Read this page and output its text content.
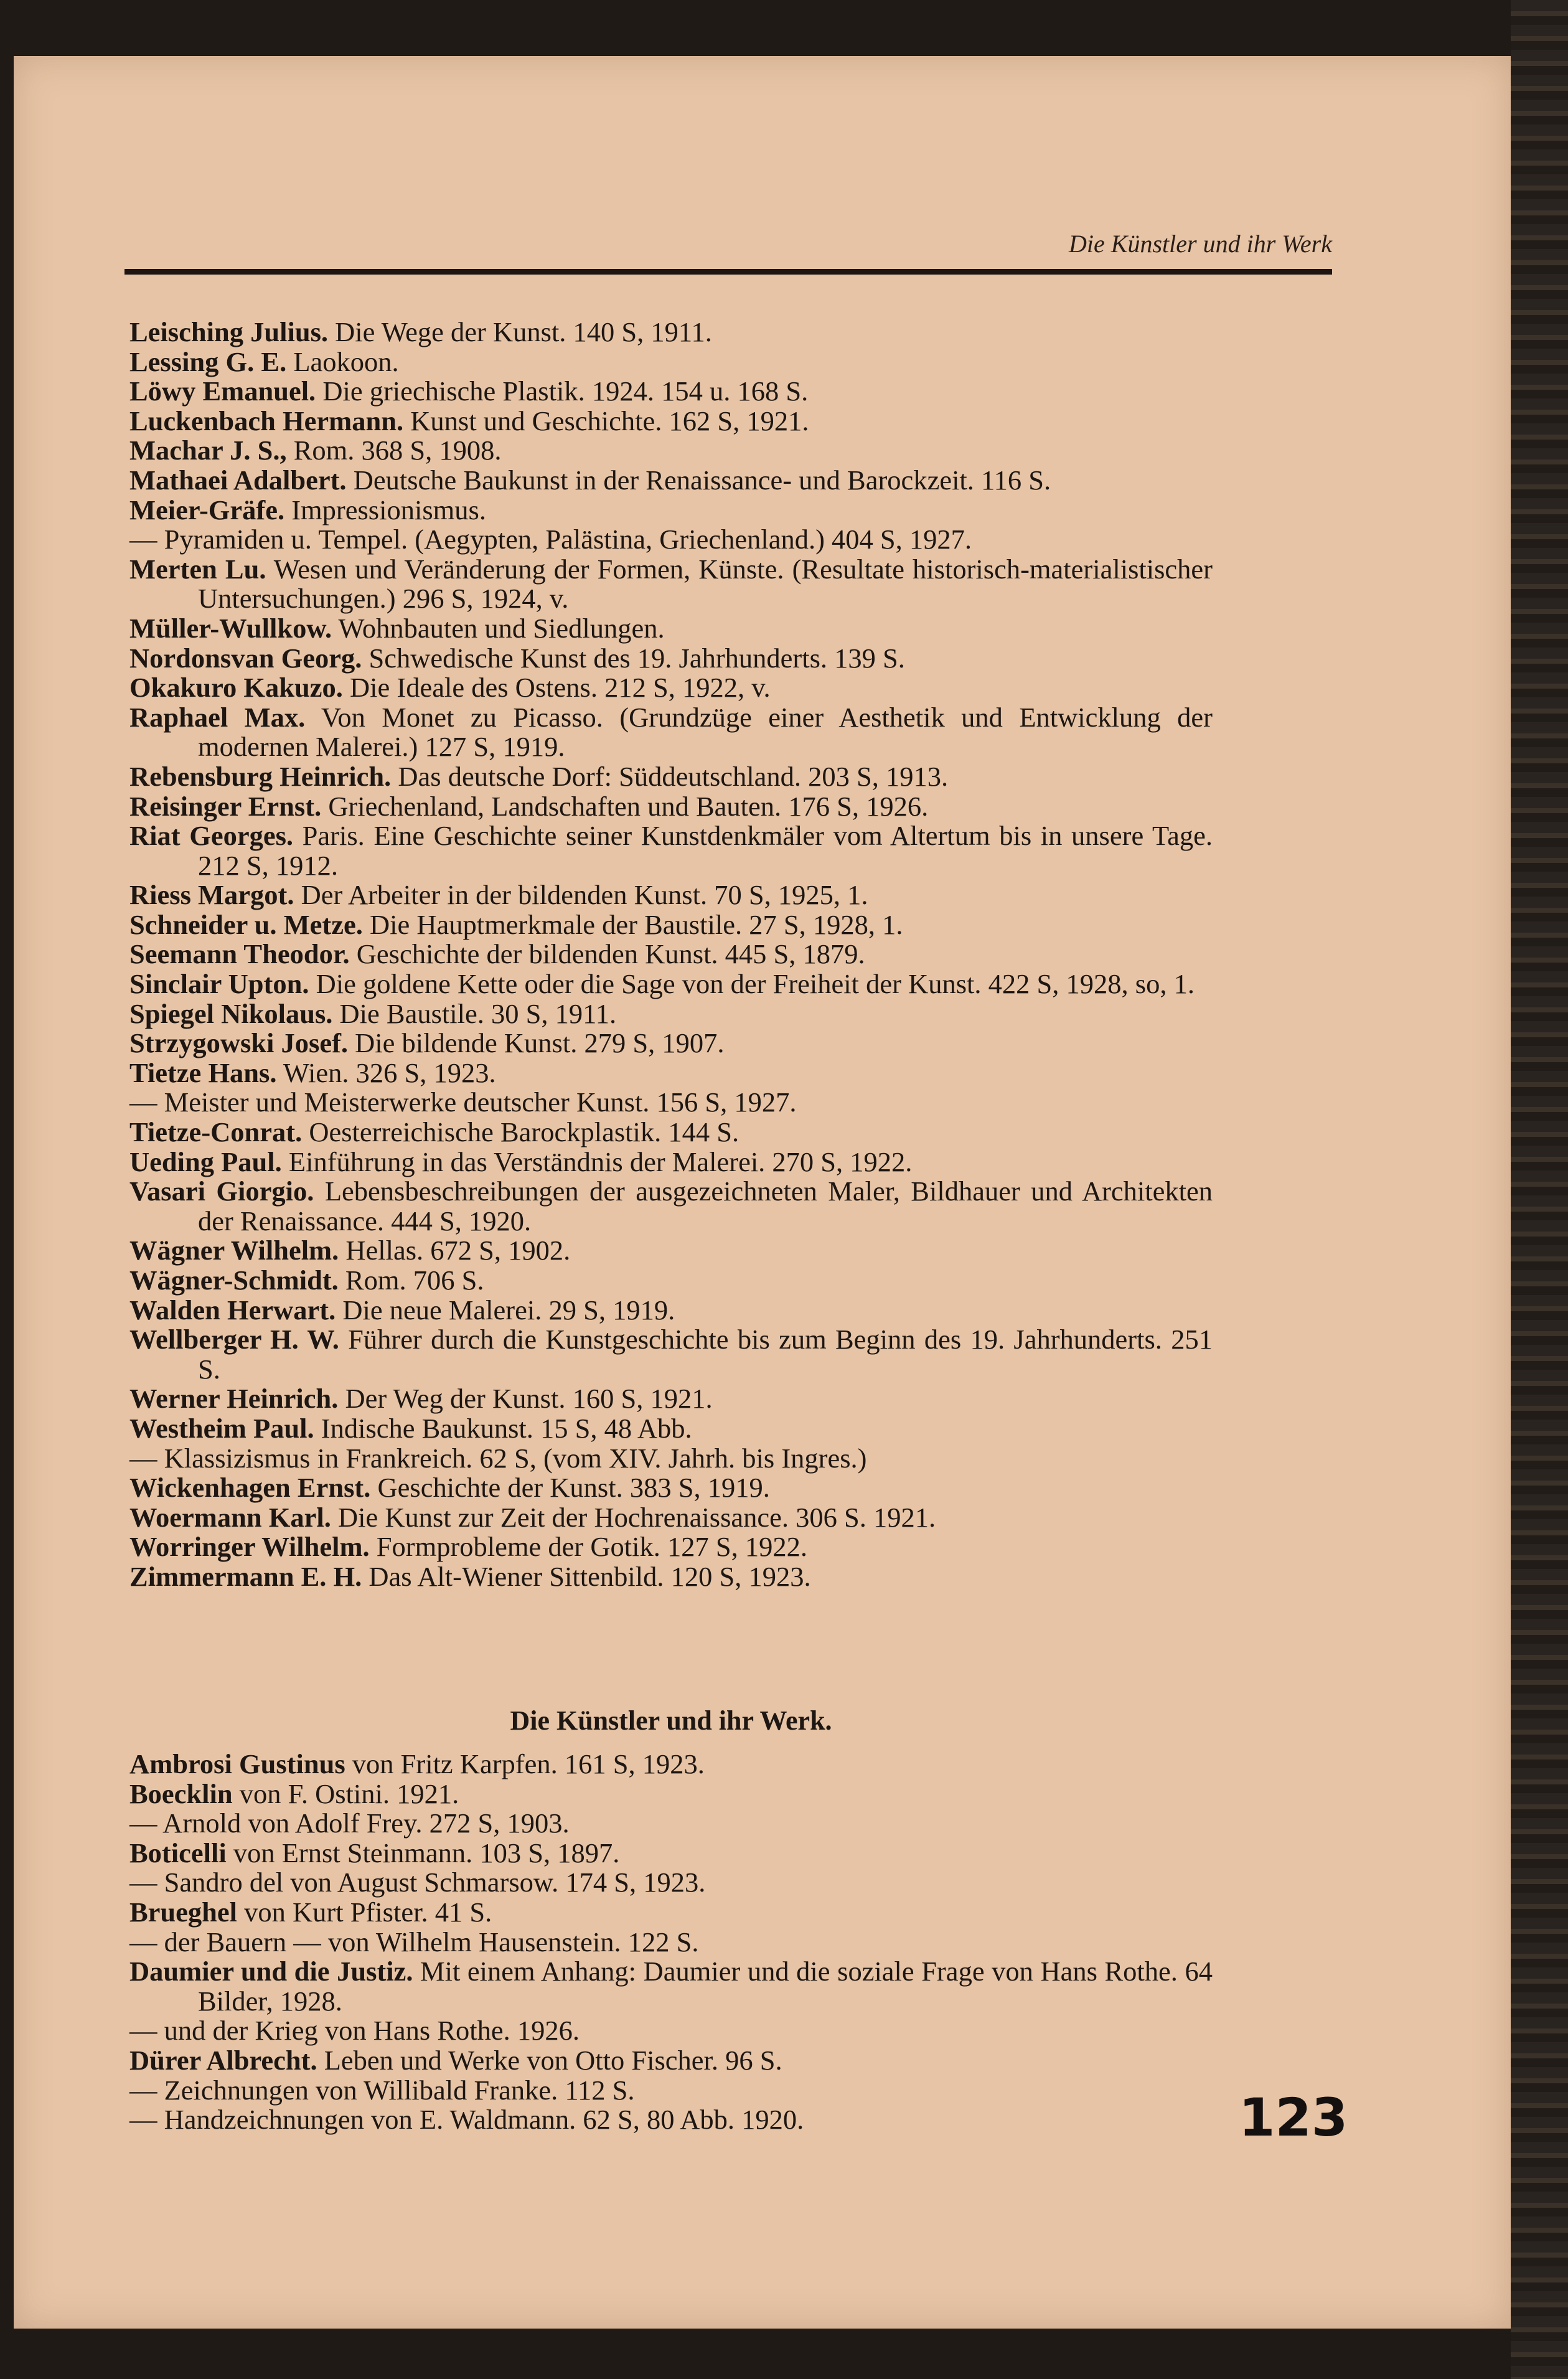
Die Künstler und ihr Werk
Leisching Julius. Die Wege der Kunst. 140 S, 1911.
Lessing G. E. Laokoon.
Löwy Emanuel. Die griechische Plastik. 1924. 154 u. 168 S.
Luckenbach Hermann. Kunst und Geschichte. 162 S, 1921.
Machar J. S., Rom. 368 S, 1908.
Mathaei Adalbert. Deutsche Baukunst in der Renaissance- und Barockzeit. 116 S.
Meier-Gräfe. Impressionismus.
— Pyramiden u. Tempel. (Aegypten, Palästina, Griechenland.) 404 S, 1927.
Merten Lu. Wesen und Veränderung der Formen, Künste. (Resultate historisch-materialistischer Untersuchungen.) 296 S, 1924, v.
Müller-Wullkow. Wohnbauten und Siedlungen.
Nordonsvan Georg. Schwedische Kunst des 19. Jahrhunderts. 139 S.
Okakuro Kakuzo. Die Ideale des Ostens. 212 S, 1922, v.
Raphael Max. Von Monet zu Picasso. (Grundzüge einer Aesthetik und Entwicklung der modernen Malerei.) 127 S, 1919.
Rebensburg Heinrich. Das deutsche Dorf: Süddeutschland. 203 S, 1913.
Reisinger Ernst. Griechenland, Landschaften und Bauten. 176 S, 1926.
Riat Georges. Paris. Eine Geschichte seiner Kunstdenkmäler vom Altertum bis in unsere Tage. 212 S, 1912.
Riess Margot. Der Arbeiter in der bildenden Kunst. 70 S, 1925, 1.
Schneider u. Metze. Die Hauptmerkmale der Baustile. 27 S, 1928, 1.
Seemann Theodor. Geschichte der bildenden Kunst. 445 S, 1879.
Sinclair Upton. Die goldene Kette oder die Sage von der Freiheit der Kunst. 422 S, 1928, so, 1.
Spiegel Nikolaus. Die Baustile. 30 S, 1911.
Strzygowski Josef. Die bildende Kunst. 279 S, 1907.
Tietze Hans. Wien. 326 S, 1923.
— Meister und Meisterwerke deutscher Kunst. 156 S, 1927.
Tietze-Conrat. Oesterreichische Barockplastik. 144 S.
Ueding Paul. Einführung in das Verständnis der Malerei. 270 S, 1922.
Vasari Giorgio. Lebensbeschreibungen der ausgezeichneten Maler, Bildhauer und Architekten der Renaissance. 444 S, 1920.
Wägner Wilhelm. Hellas. 672 S, 1902.
Wägner-Schmidt. Rom. 706 S.
Walden Herwart. Die neue Malerei. 29 S, 1919.
Wellberger H. W. Führer durch die Kunstgeschichte bis zum Beginn des 19. Jahrhunderts. 251 S.
Werner Heinrich. Der Weg der Kunst. 160 S, 1921.
Westheim Paul. Indische Baukunst. 15 S, 48 Abb.
— Klassizismus in Frankreich. 62 S, (vom XIV. Jahrh. bis Ingres.)
Wickenhagen Ernst. Geschichte der Kunst. 383 S, 1919.
Woermann Karl. Die Kunst zur Zeit der Hochrenaissance. 306 S. 1921.
Worringer Wilhelm. Formprobleme der Gotik. 127 S, 1922.
Zimmermann E. H. Das Alt-Wiener Sittenbild. 120 S, 1923.
Die Künstler und ihr Werk.
Ambrosi Gustinus von Fritz Karpfen. 161 S, 1923.
Boecklin von F. Ostini. 1921.
— Arnold von Adolf Frey. 272 S, 1903.
Boticelli von Ernst Steinmann. 103 S, 1897.
— Sandro del von August Schmarsow. 174 S, 1923.
Brueghel von Kurt Pfister. 41 S.
— der Bauern — von Wilhelm Hausenstein. 122 S.
Daumier und die Justiz. Mit einem Anhang: Daumier und die soziale Frage von Hans Rothe. 64 Bilder, 1928.
— und der Krieg von Hans Rothe. 1926.
Dürer Albrecht. Leben und Werke von Otto Fischer. 96 S.
— Zeichnungen von Willibald Franke. 112 S.
— Handzeichnungen von E. Waldmann. 62 S, 80 Abb. 1920.	123
